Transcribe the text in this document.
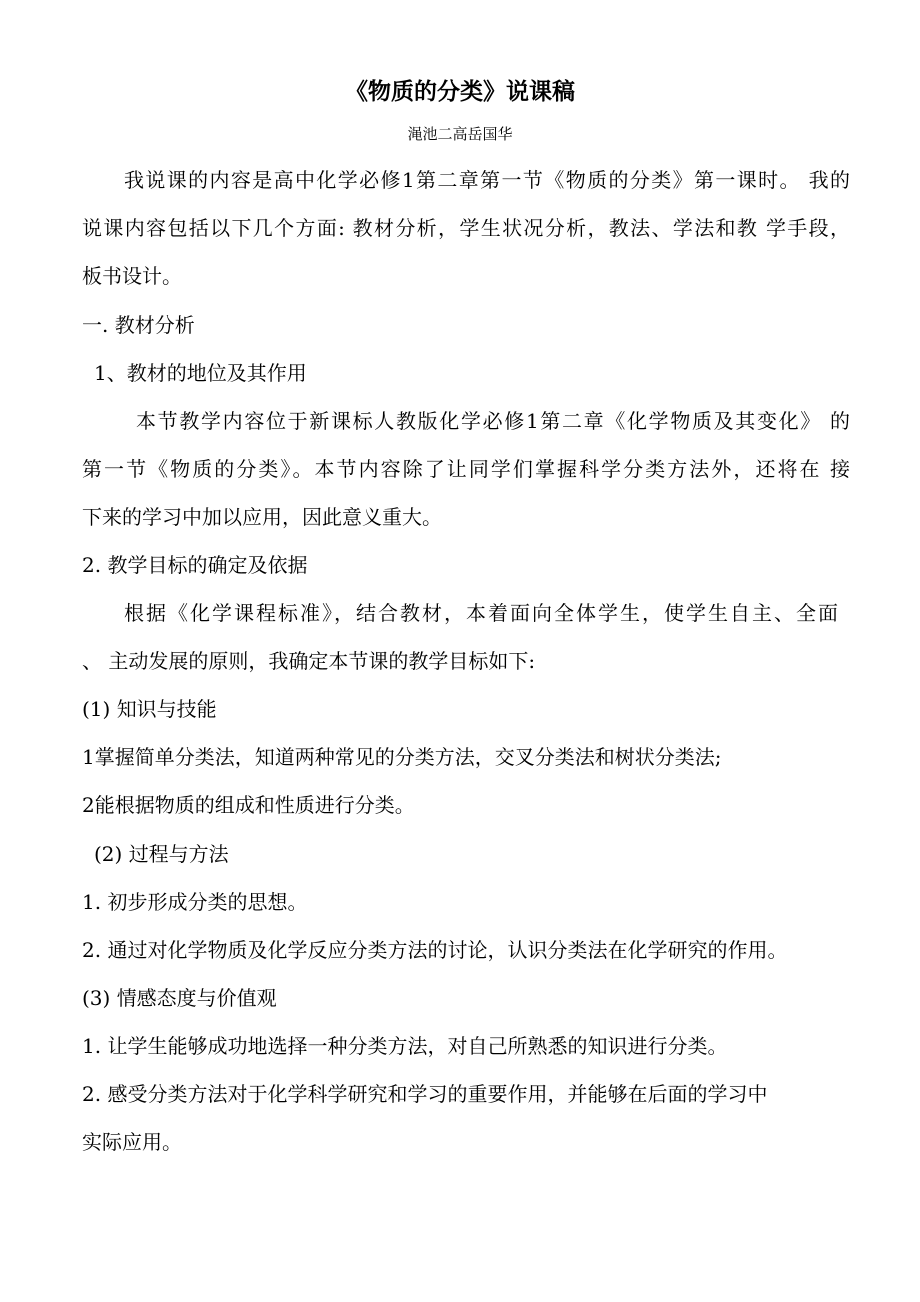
《物质的分类》说课稿
渑池二高岳国华
我说课的内容是高中化学必修1第二章第一节《物质的分类》第一课时。 我的
说课内容包括以下几个方面: 教材分析，学生状况分析，教法、学法和教 学手段，
板书设计。
一. 教材分析
1、教材的地位及其作用
本节教学内容位于新课标人教版化学必修1第二章《化学物质及其变化》 的
第一节《物质的分类》。本节内容除了让同学们掌握科学分类方法外，还将在 接
下来的学习中加以应用，因此意义重大。
2. 教学目标的确定及依据
根据《化学课程标准》，结合教材，本着面向全体学生，使学生自主、全面
、 主动发展的原则，我确定本节课的教学目标如下:
(1) 知识与技能
1掌握简单分类法，知道两种常见的分类方法，交叉分类法和树状分类法;
2能根据物质的组成和性质进行分类。
(2) 过程与方法
1. 初步形成分类的思想。
2. 通过对化学物质及化学反应分类方法的讨论，认识分类法在化学研究的作用。
(3) 情感态度与价值观
1. 让学生能够成功地选择一种分类方法，对自己所熟悉的知识进行分类。
2. 感受分类方法对于化学科学研究和学习的重要作用，并能够在后面的学习中
实际应用。
